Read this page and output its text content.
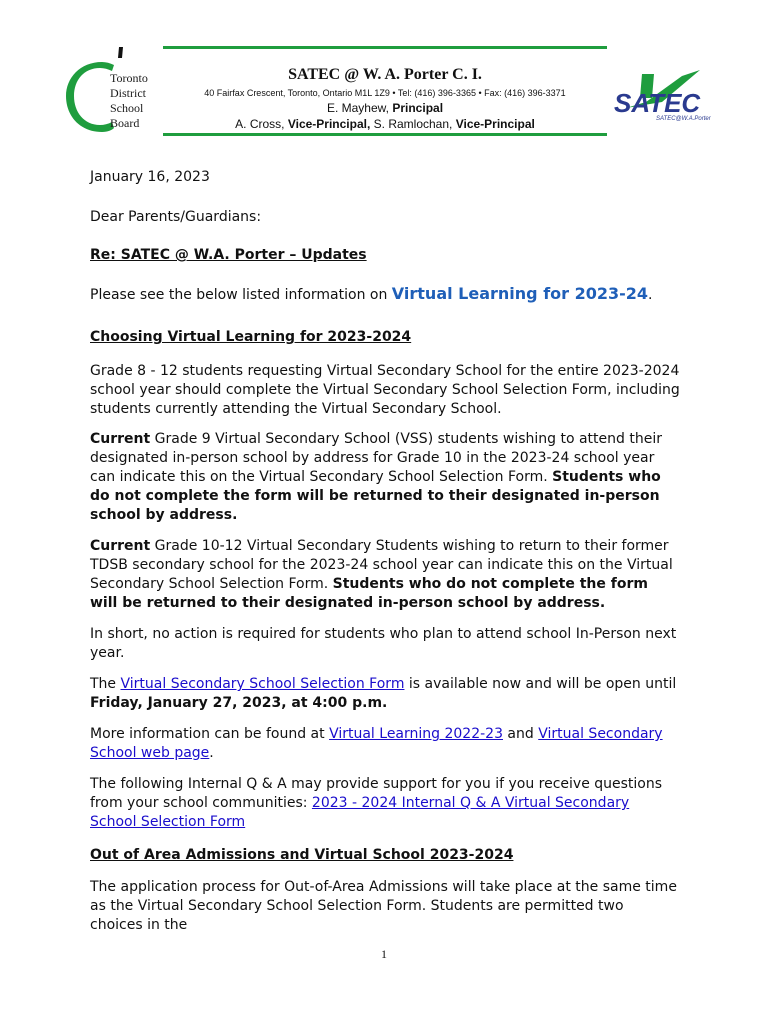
Toronto
District
School
Board
SATEC @ W. A. Porter C. I.
40 Fairfax Crescent, Toronto, Ontario M1L 1Z9 • Tel: (416) 396-3365 • Fax: (416) 396-3371
E. Mayhew, Principal
A. Cross, Vice-Principal, S. Ramlochan, Vice-Principal
SATEC
SATEC@W.A.Porter

January 16, 2023

Dear Parents/Guardians:

Re: SATEC @ W.A. Porter – Updates

Please see the below listed information on Virtual Learning for 2023-24.

Choosing Virtual Learning for 2023-2024

Grade 8 - 12 students requesting Virtual Secondary School for the entire 2023-2024 school year should complete the Virtual Secondary School Selection Form, including students currently attending the Virtual Secondary School.

Current Grade 9 Virtual Secondary School (VSS) students wishing to attend their designated in-person school by address for Grade 10 in the 2023-24 school year can indicate this on the Virtual Secondary School Selection Form. Students who do not complete the form will be returned to their designated in-person school by address.

Current Grade 10-12 Virtual Secondary Students wishing to return to their former TDSB secondary school for the 2023-24 school year can indicate this on the Virtual Secondary School Selection Form. Students who do not complete the form will be returned to their designated in-person school by address.

In short, no action is required for students who plan to attend school In-Person next year.

The Virtual Secondary School Selection Form is available now and will be open until Friday, January 27, 2023, at 4:00 p.m.

More information can be found at Virtual Learning 2022-23 and Virtual Secondary School web page.

The following Internal Q & A may provide support for you if you receive questions from your school communities: 2023 - 2024 Internal Q & A Virtual Secondary School Selection Form

Out of Area Admissions and Virtual School 2023-2024

The application process for Out-of-Area Admissions will take place at the same time as the Virtual Secondary School Selection Form. Students are permitted two choices in the

1
